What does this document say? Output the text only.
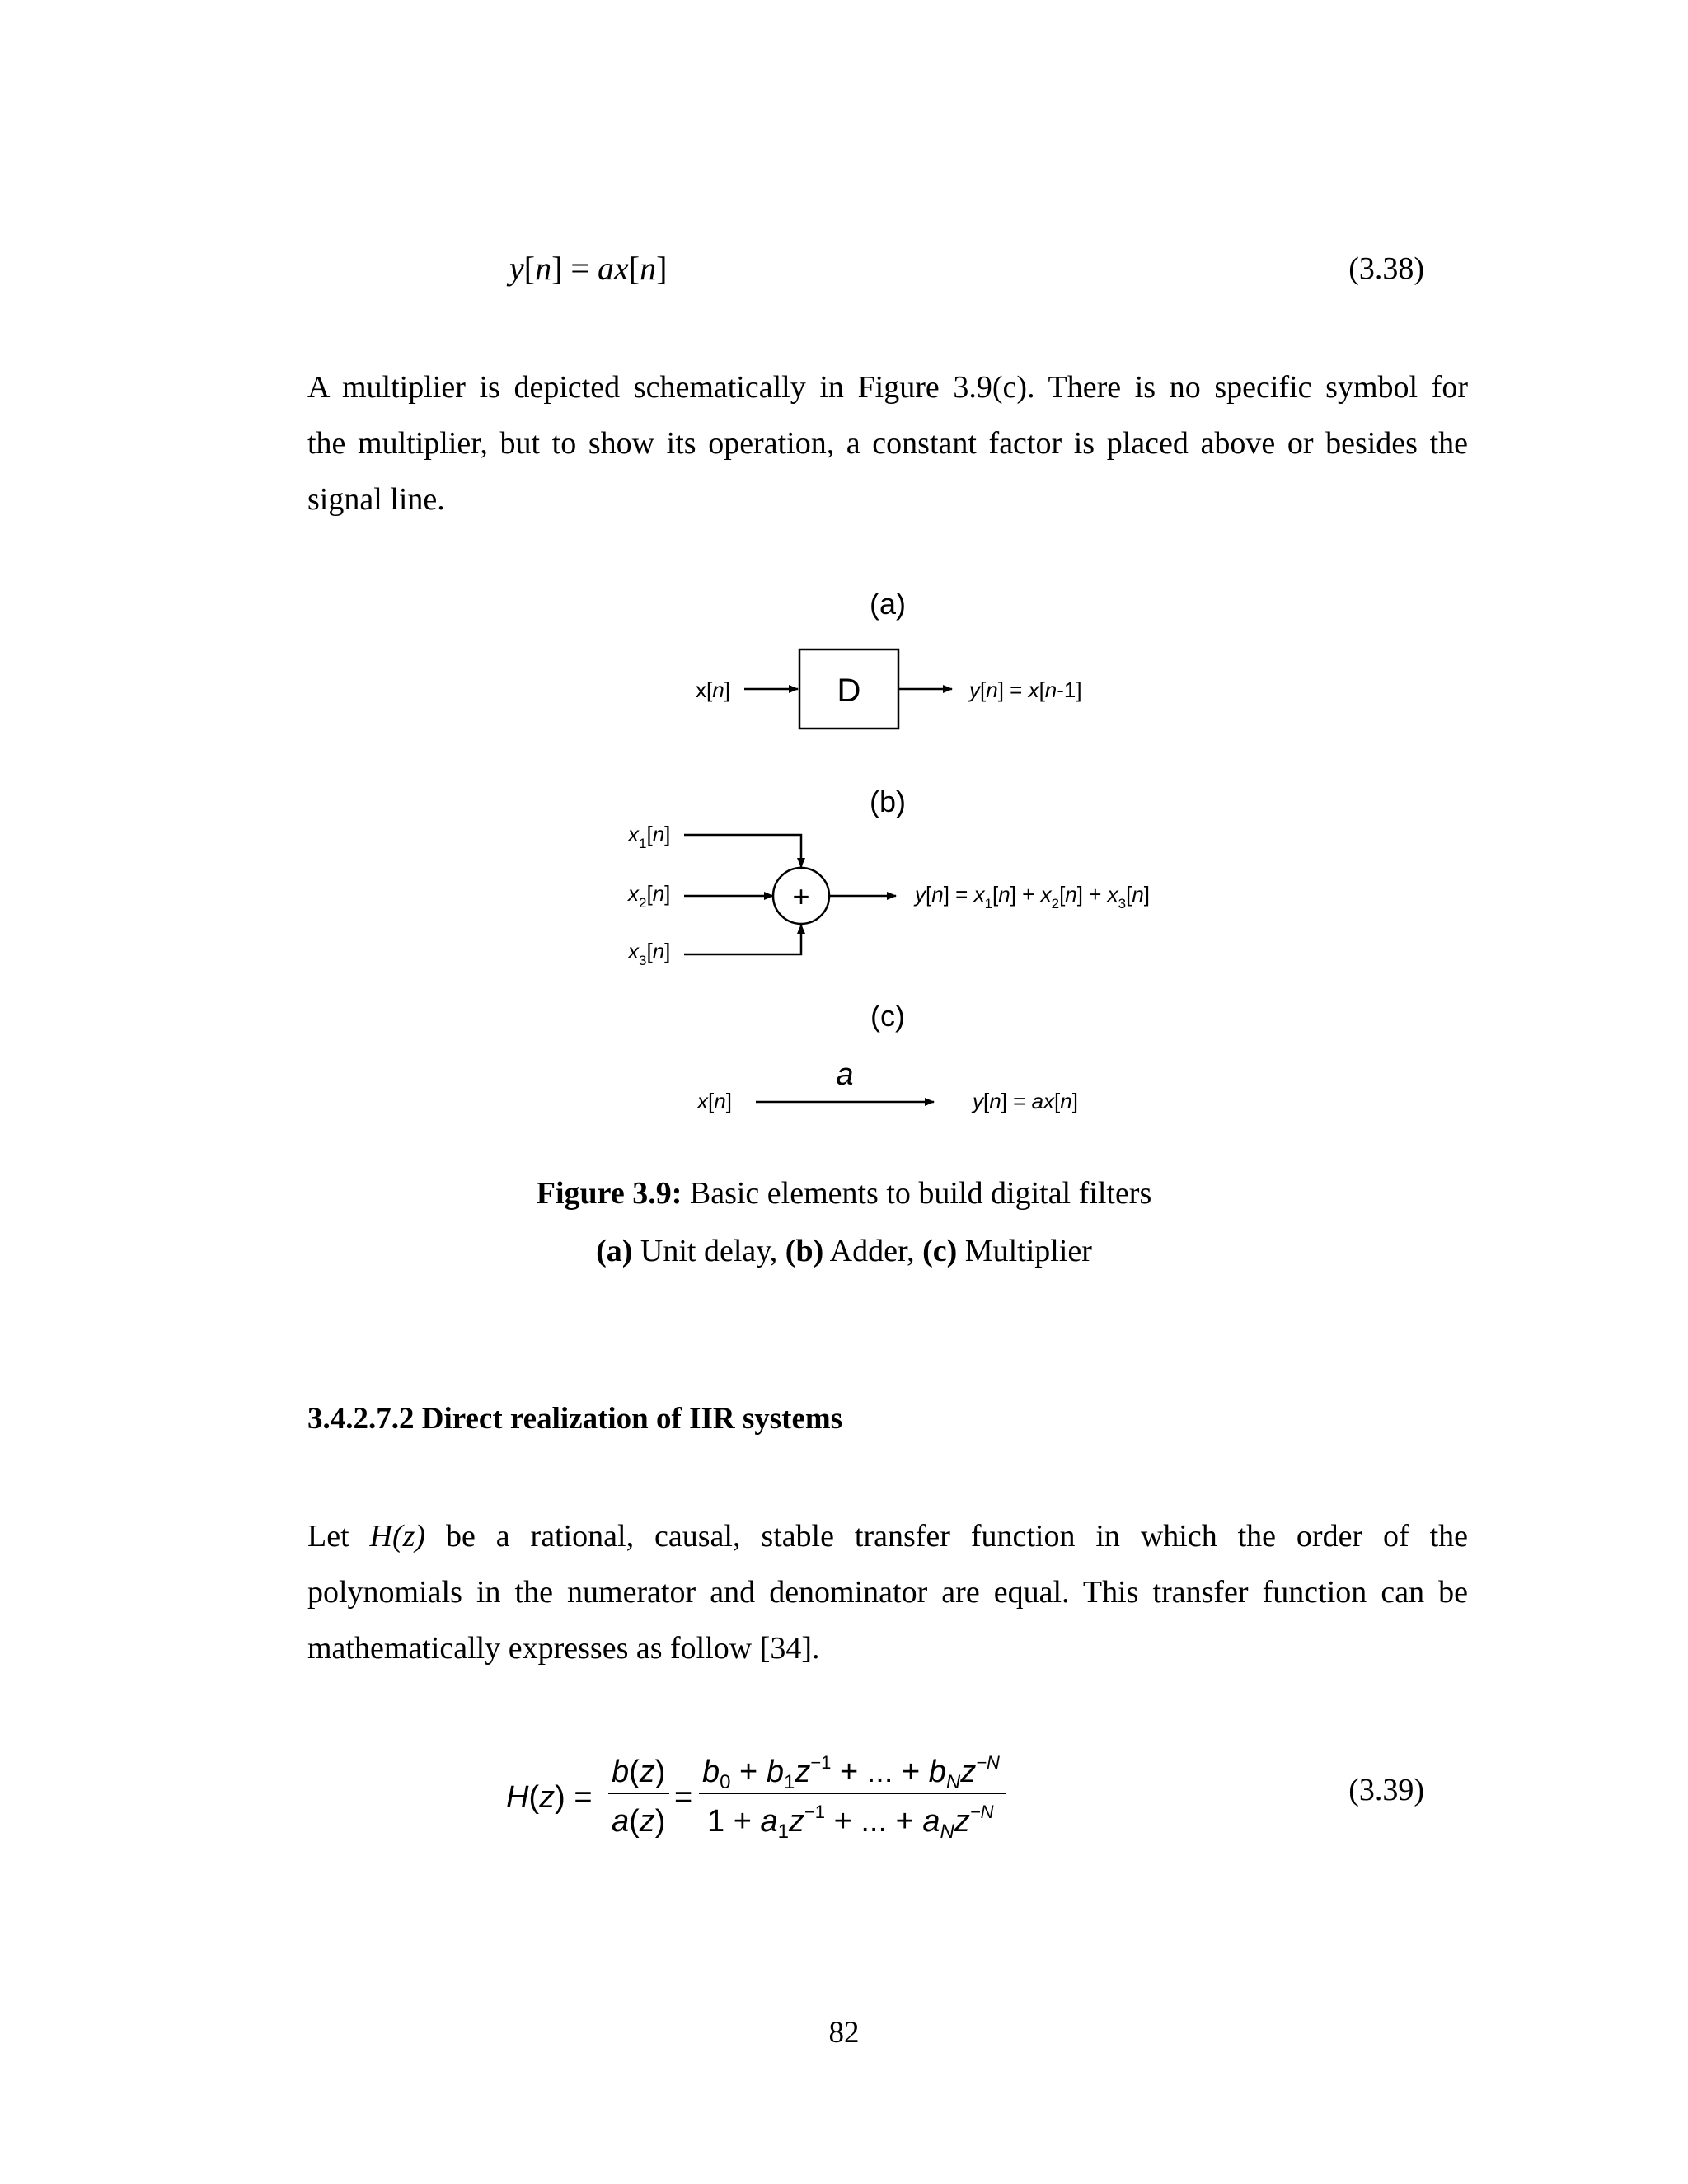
y[n] = ax[n]	(3.38)
A multiplier is depicted schematically in Figure 3.9(c). There is no specific symbol for
the multiplier, but to show its operation, a constant factor is placed above or besides the
signal line.
(a)
x[n]	D	y[n] = x[n-1]
(b)
$x_1[n]$
$x_2[n]$
$x_3[n]$
+	$y[n] = x_1[n] + x_2[n] + x_3[n]$
(c)
a
x[n]	y[n] = ax[n]
Figure 3.9: Basic elements to build digital filters
(a) Unit delay, (b) Adder, (c) Multiplier
3.4.2.7.2 Direct realization of IIR systems
Let H(z) be a rational, causal, stable transfer function in which the order of the
polynomials in the numerator and denominator are equal. This transfer function can be
mathematically expresses as follow [34].
H(z) =
b(z)
a(z)
=
$b_0 + b_1z^{-1}$ + ... + $b_Nz^{-N}$
$1 + a_1z^{-1}$ + ... + $a_Nz^{-N}$
(3.39)
82
